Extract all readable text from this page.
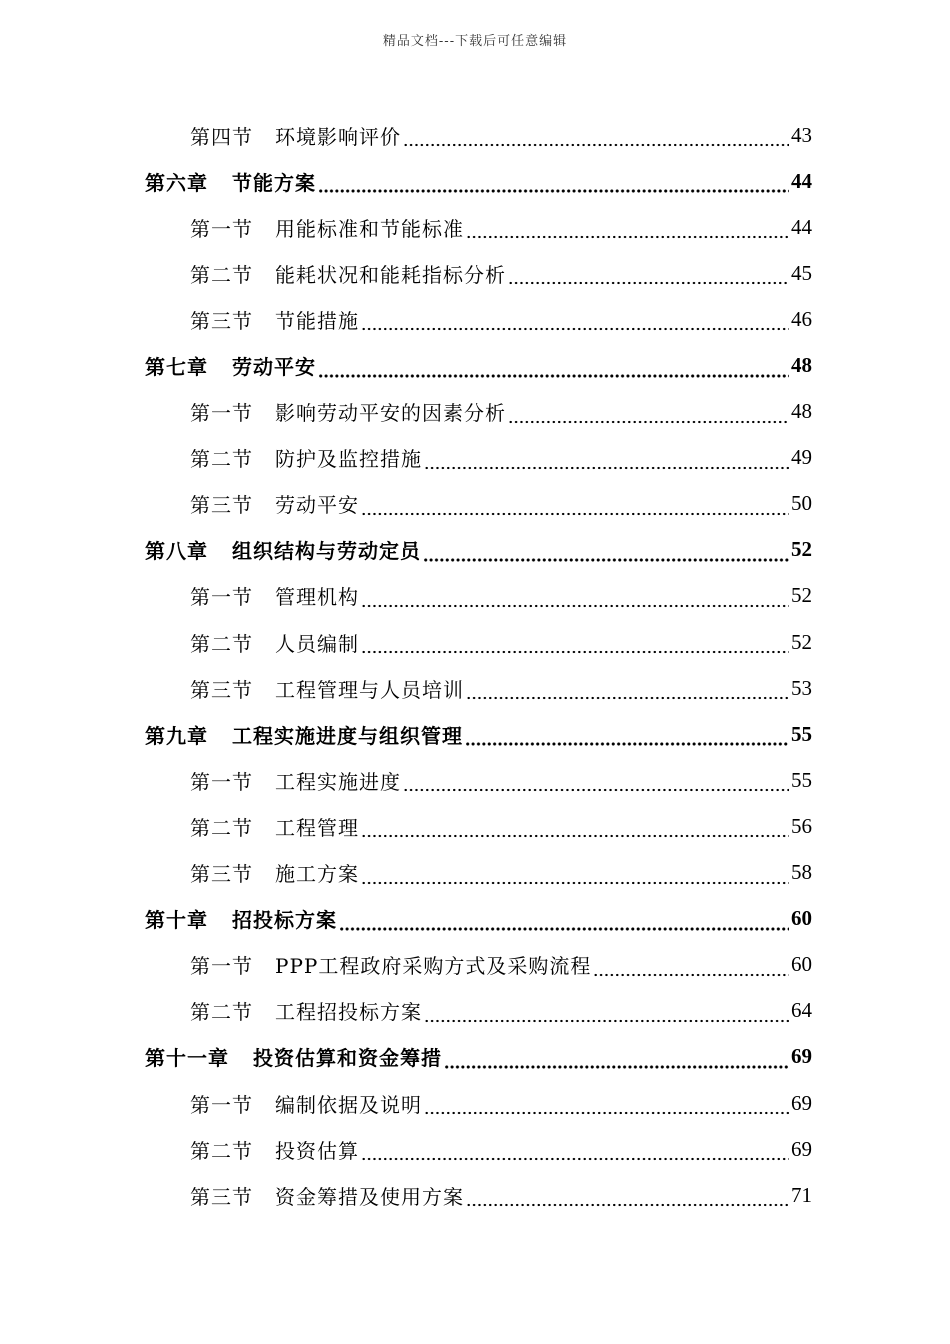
精品文档---下载后可任意编辑
第四节 环境影响评价	43
第六章 节能方案	44
第一节 用能标准和节能标准	44
第二节 能耗状况和能耗指标分析	45
第三节 节能措施	46
第七章 劳动平安	48
第一节 影响劳动平安的因素分析	48
第二节 防护及监控措施	49
第三节 劳动平安	50
第八章 组织结构与劳动定员	52
第一节 管理机构	52
第二节 人员编制	52
第三节 工程管理与人员培训	53
第九章 工程实施进度与组织管理	55
第一节 工程实施进度	55
第二节 工程管理	56
第三节 施工方案	58
第十章 招投标方案	60
第一节 PPP工程政府采购方式及采购流程	60
第二节 工程招投标方案	64
第十一章 投资估算和资金筹措	69
第一节 编制依据及说明	69
第二节 投资估算	69
第三节 资金筹措及使用方案	71
